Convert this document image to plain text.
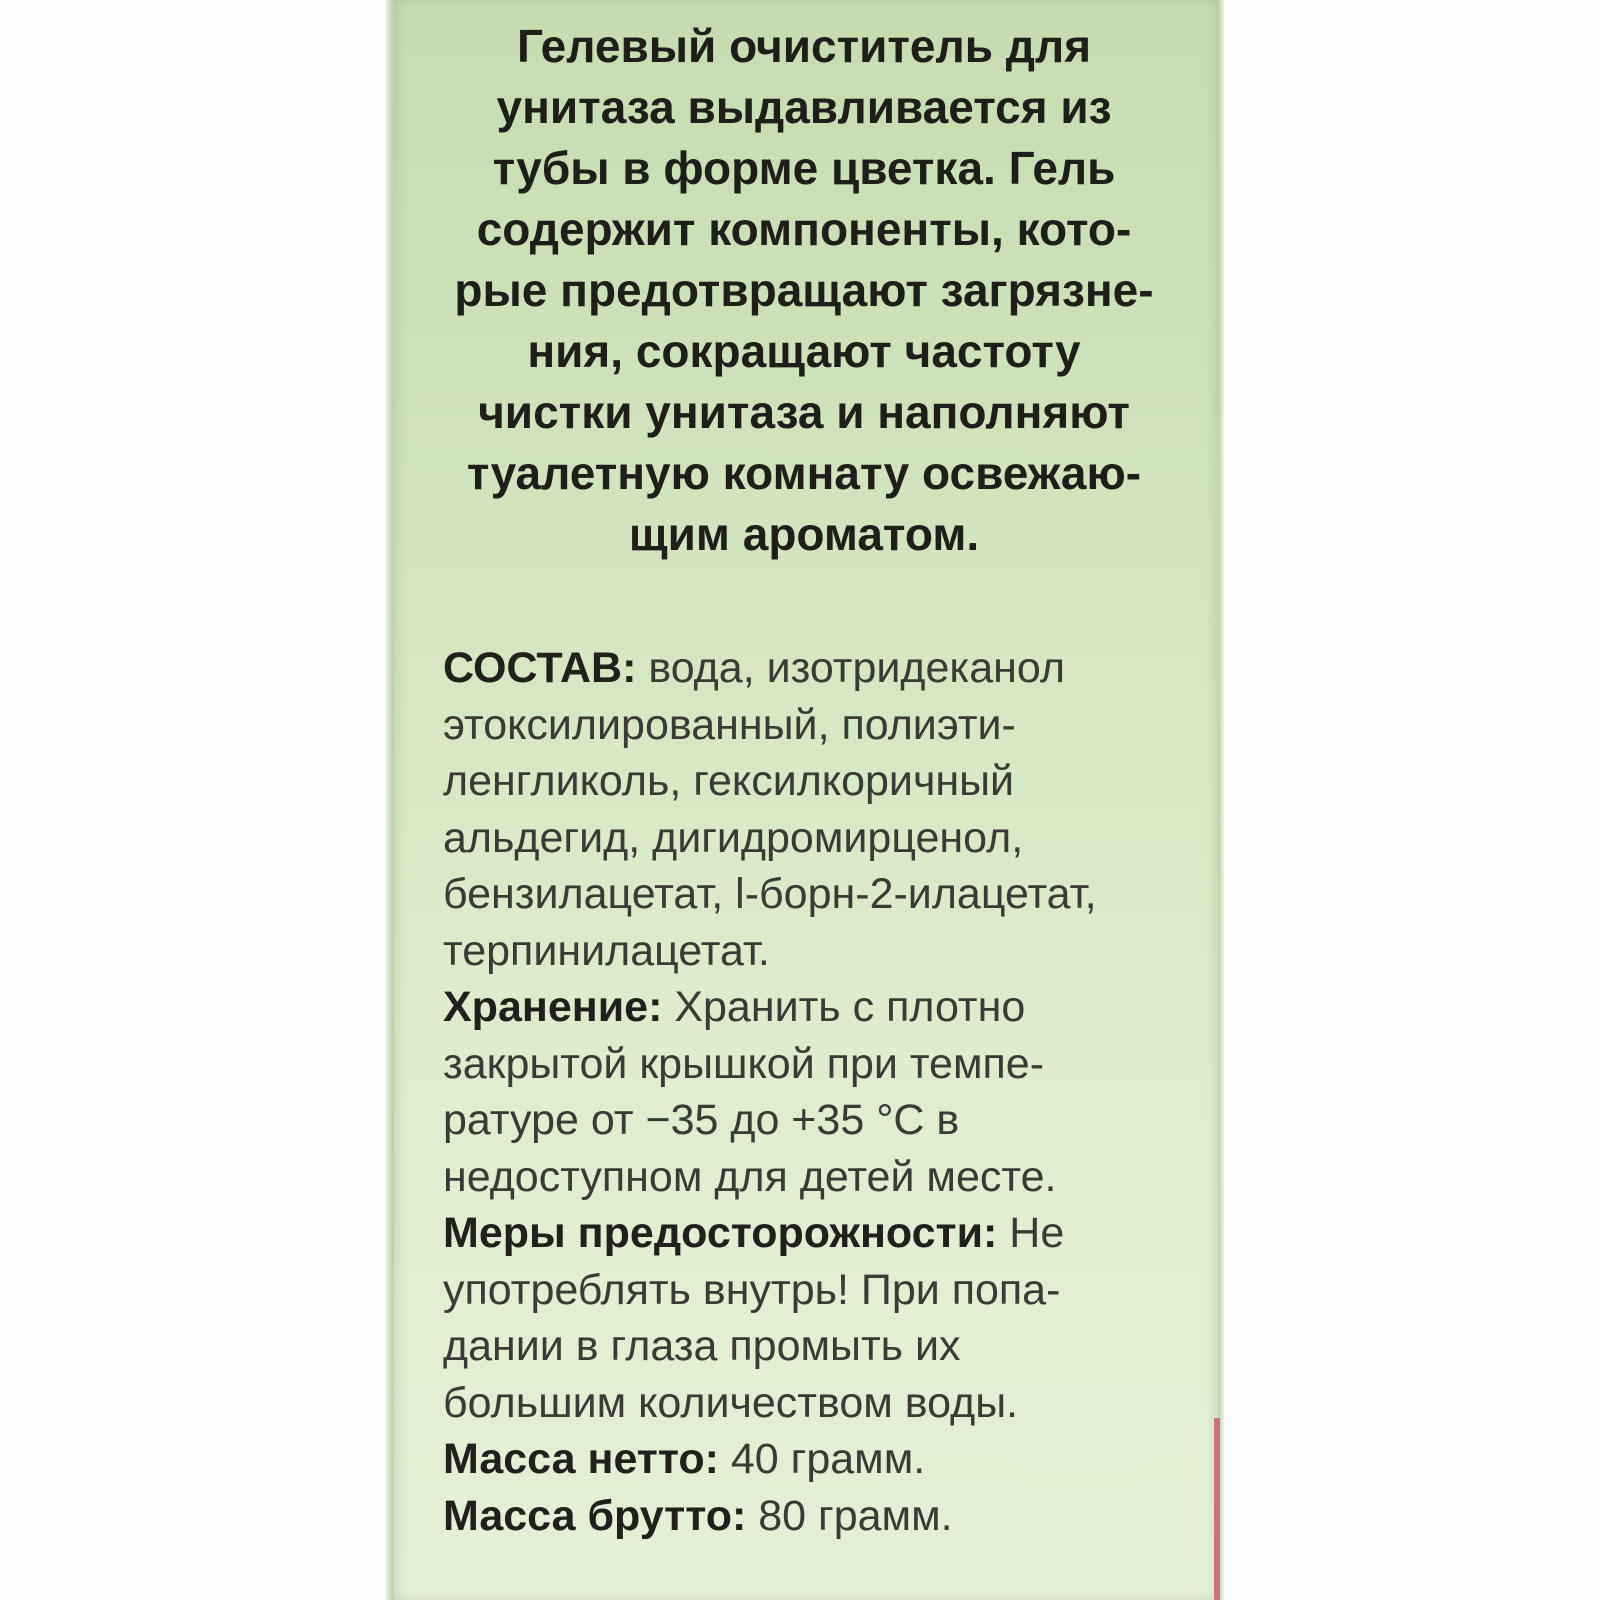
Гелевый очиститель для
унитаза выдавливается из
тубы в форме цветка. Гель
содержит компоненты, кото-
рые предотвращают загрязне-
ния, сокращают частоту
чистки унитаза и наполняют
туалетную комнату освежаю-
щим ароматом.
СОСТАВ: вода, изотридеканол
этоксилированный, полиэти-
ленгликоль, гексилкоричный
альдегид, дигидромирценол,
бензилацетат, l-борн-2-илацетат,
терпинилацетат.
Хранение: Хранить с плотно
закрытой крышкой при темпе-
ратуре от −35 до +35 °C в
недоступном для детей месте.
Меры предосторожности: Не
употреблять внутрь! При попа-
дании в глаза промыть их
большим количеством воды.
Масса нетто: 40 грамм.
Масса брутто: 80 грамм.
